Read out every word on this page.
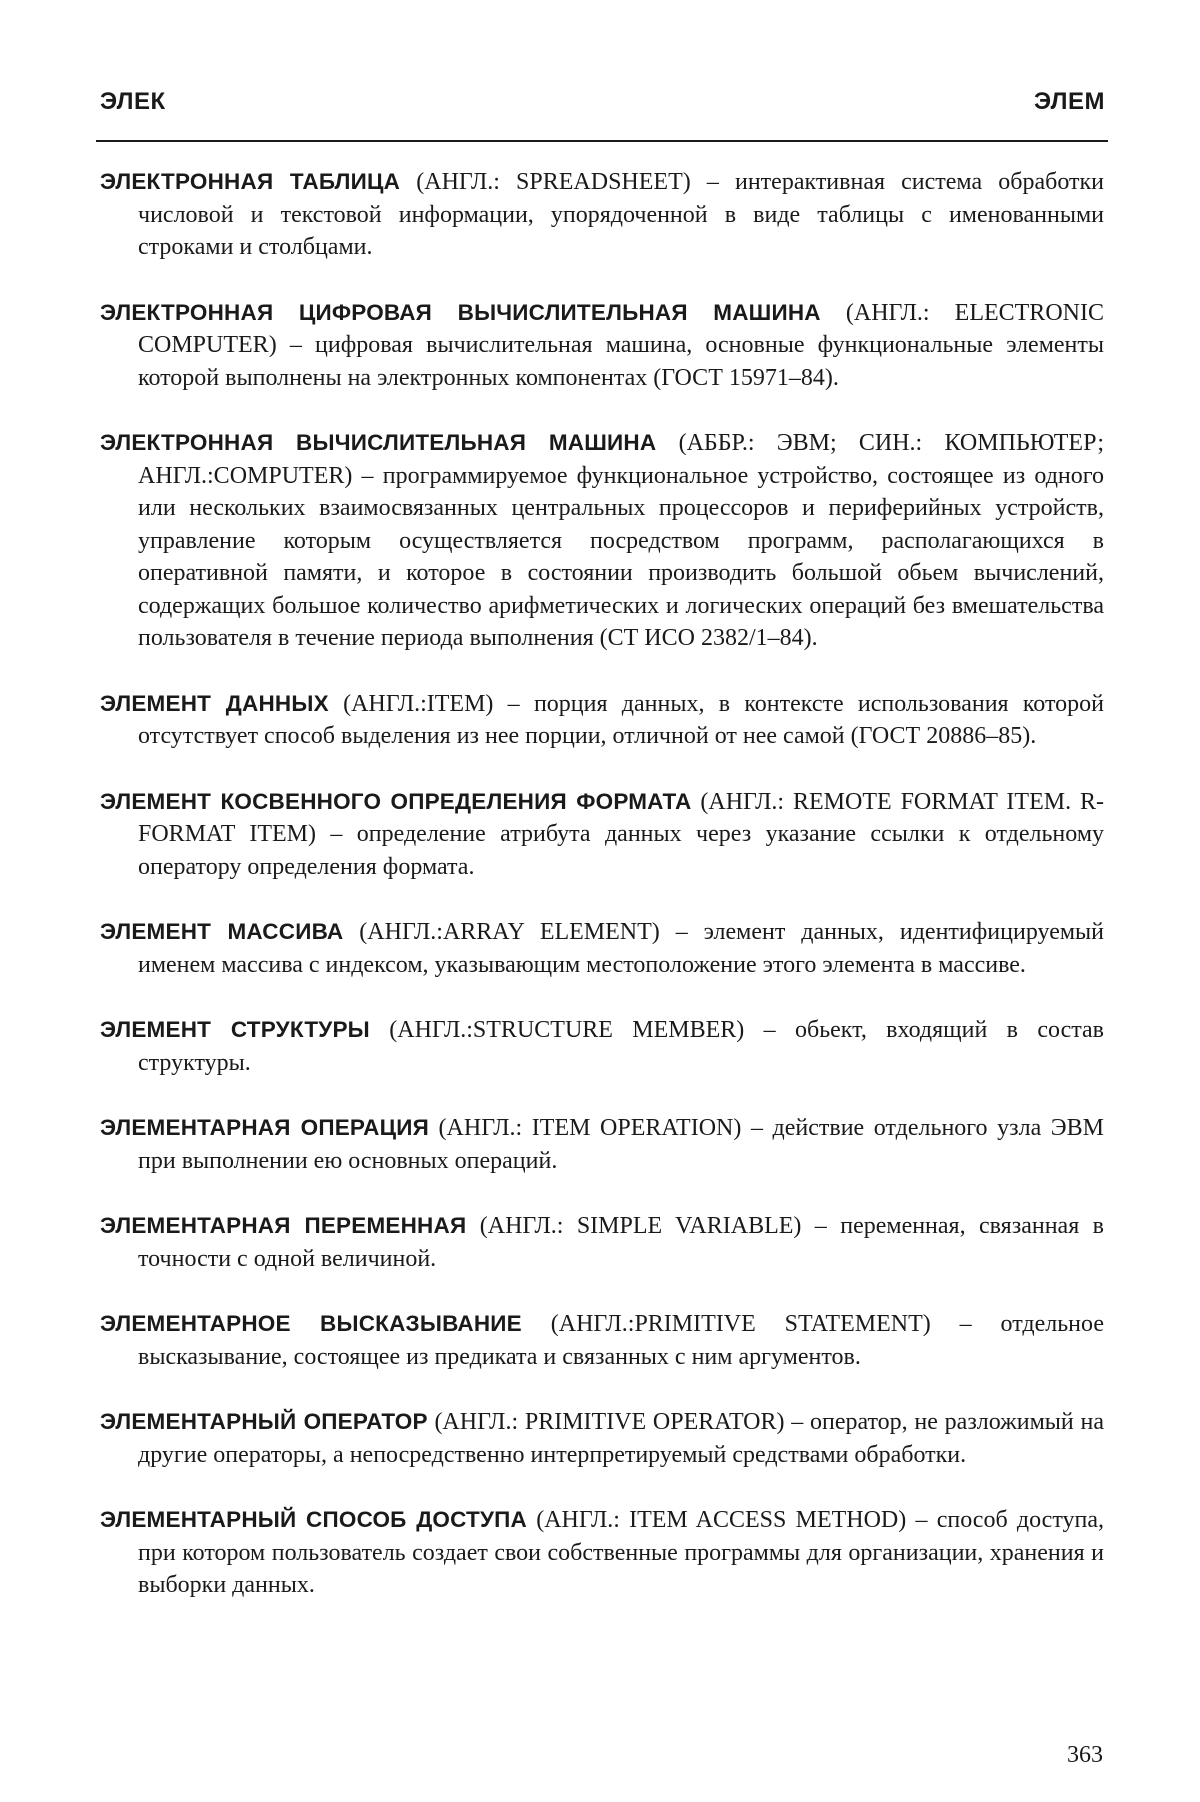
ЭЛЕК	ЭЛЕМ

ЭЛЕКТРОННАЯ ТАБЛИЦА (АНГЛ.: SPREADSHEET) – интерактивная система обработки числовой и текстовой информации, упорядоченной в виде таблицы с именованными строками и столбцами.

ЭЛЕКТРОННАЯ ЦИФРОВАЯ ВЫЧИСЛИТЕЛЬНАЯ МАШИНА (АНГЛ.: ELECTRONIC COMPUTER) – цифровая вычислительная машина, основные функциональные элементы которой выполнены на электронных компонентах (ГОСТ 15971–84).

ЭЛЕКТРОННАЯ ВЫЧИСЛИТЕЛЬНАЯ МАШИНА (АББР.: ЭВМ; СИН.: КОМПЬЮТЕР; АНГЛ.:COMPUTER) – программируемое функциональное устройство, состоящее из одного или нескольких взаимосвязанных центральных процессоров и периферийных устройств, управление которым осуществляется посредством программ, располагающихся в оперативной памяти, и которое в состоянии производить большой обьем вычислений, содержащих большое количество арифметических и логических операций без вмешательства пользователя в течение периода выполнения (СТ ИСО 2382/1–84).

ЭЛЕМЕНТ ДАННЫХ (АНГЛ.:ITEM) – порция данных, в контексте использования которой отсутствует способ выделения из нее порции, отличной от нее самой (ГОСТ 20886–85).

ЭЛЕМЕНТ КОСВЕННОГО ОПРЕДЕЛЕНИЯ ФОРМАТА (АНГЛ.: REMOTE FORMAT ITEM. R-FORMAT ITEM) – определение атрибута данных через указание ссылки к отдельному оператору определения формата.

ЭЛЕМЕНТ МАССИВА (АНГЛ.:ARRAY ELEMENT) – элемент данных, идентифицируемый именем массива с индексом, указывающим местоположение этого элемента в массиве.

ЭЛЕМЕНТ СТРУКТУРЫ (АНГЛ.:STRUCTURE MEMBER) – обьект, входящий в состав структуры.

ЭЛЕМЕНТАРНАЯ ОПЕРАЦИЯ (АНГЛ.: ITEM OPERATION) – действие отдельного узла ЭВМ при выполнении ею основных операций.

ЭЛЕМЕНТАРНАЯ ПЕРЕМЕННАЯ (АНГЛ.: SIMPLE VARIABLE) – переменная, связанная в точности с одной величиной.

ЭЛЕМЕНТАРНОЕ ВЫСКАЗЫВАНИЕ (АНГЛ.:PRIMITIVE STATEMENT) – отдельное высказывание, состоящее из предиката и связанных с ним аргументов.

ЭЛЕМЕНТАРНЫЙ ОПЕРАТОР (АНГЛ.: PRIMITIVE OPERATOR) – оператор, не разложимый на другие операторы, а непосредственно интерпретируемый средствами обработки.

ЭЛЕМЕНТАРНЫЙ СПОСОБ ДОСТУПА (АНГЛ.: ITEM ACCESS METHOD) – способ доступа, при котором пользователь создает свои собственные программы для организации, хранения и выборки данных.

363
